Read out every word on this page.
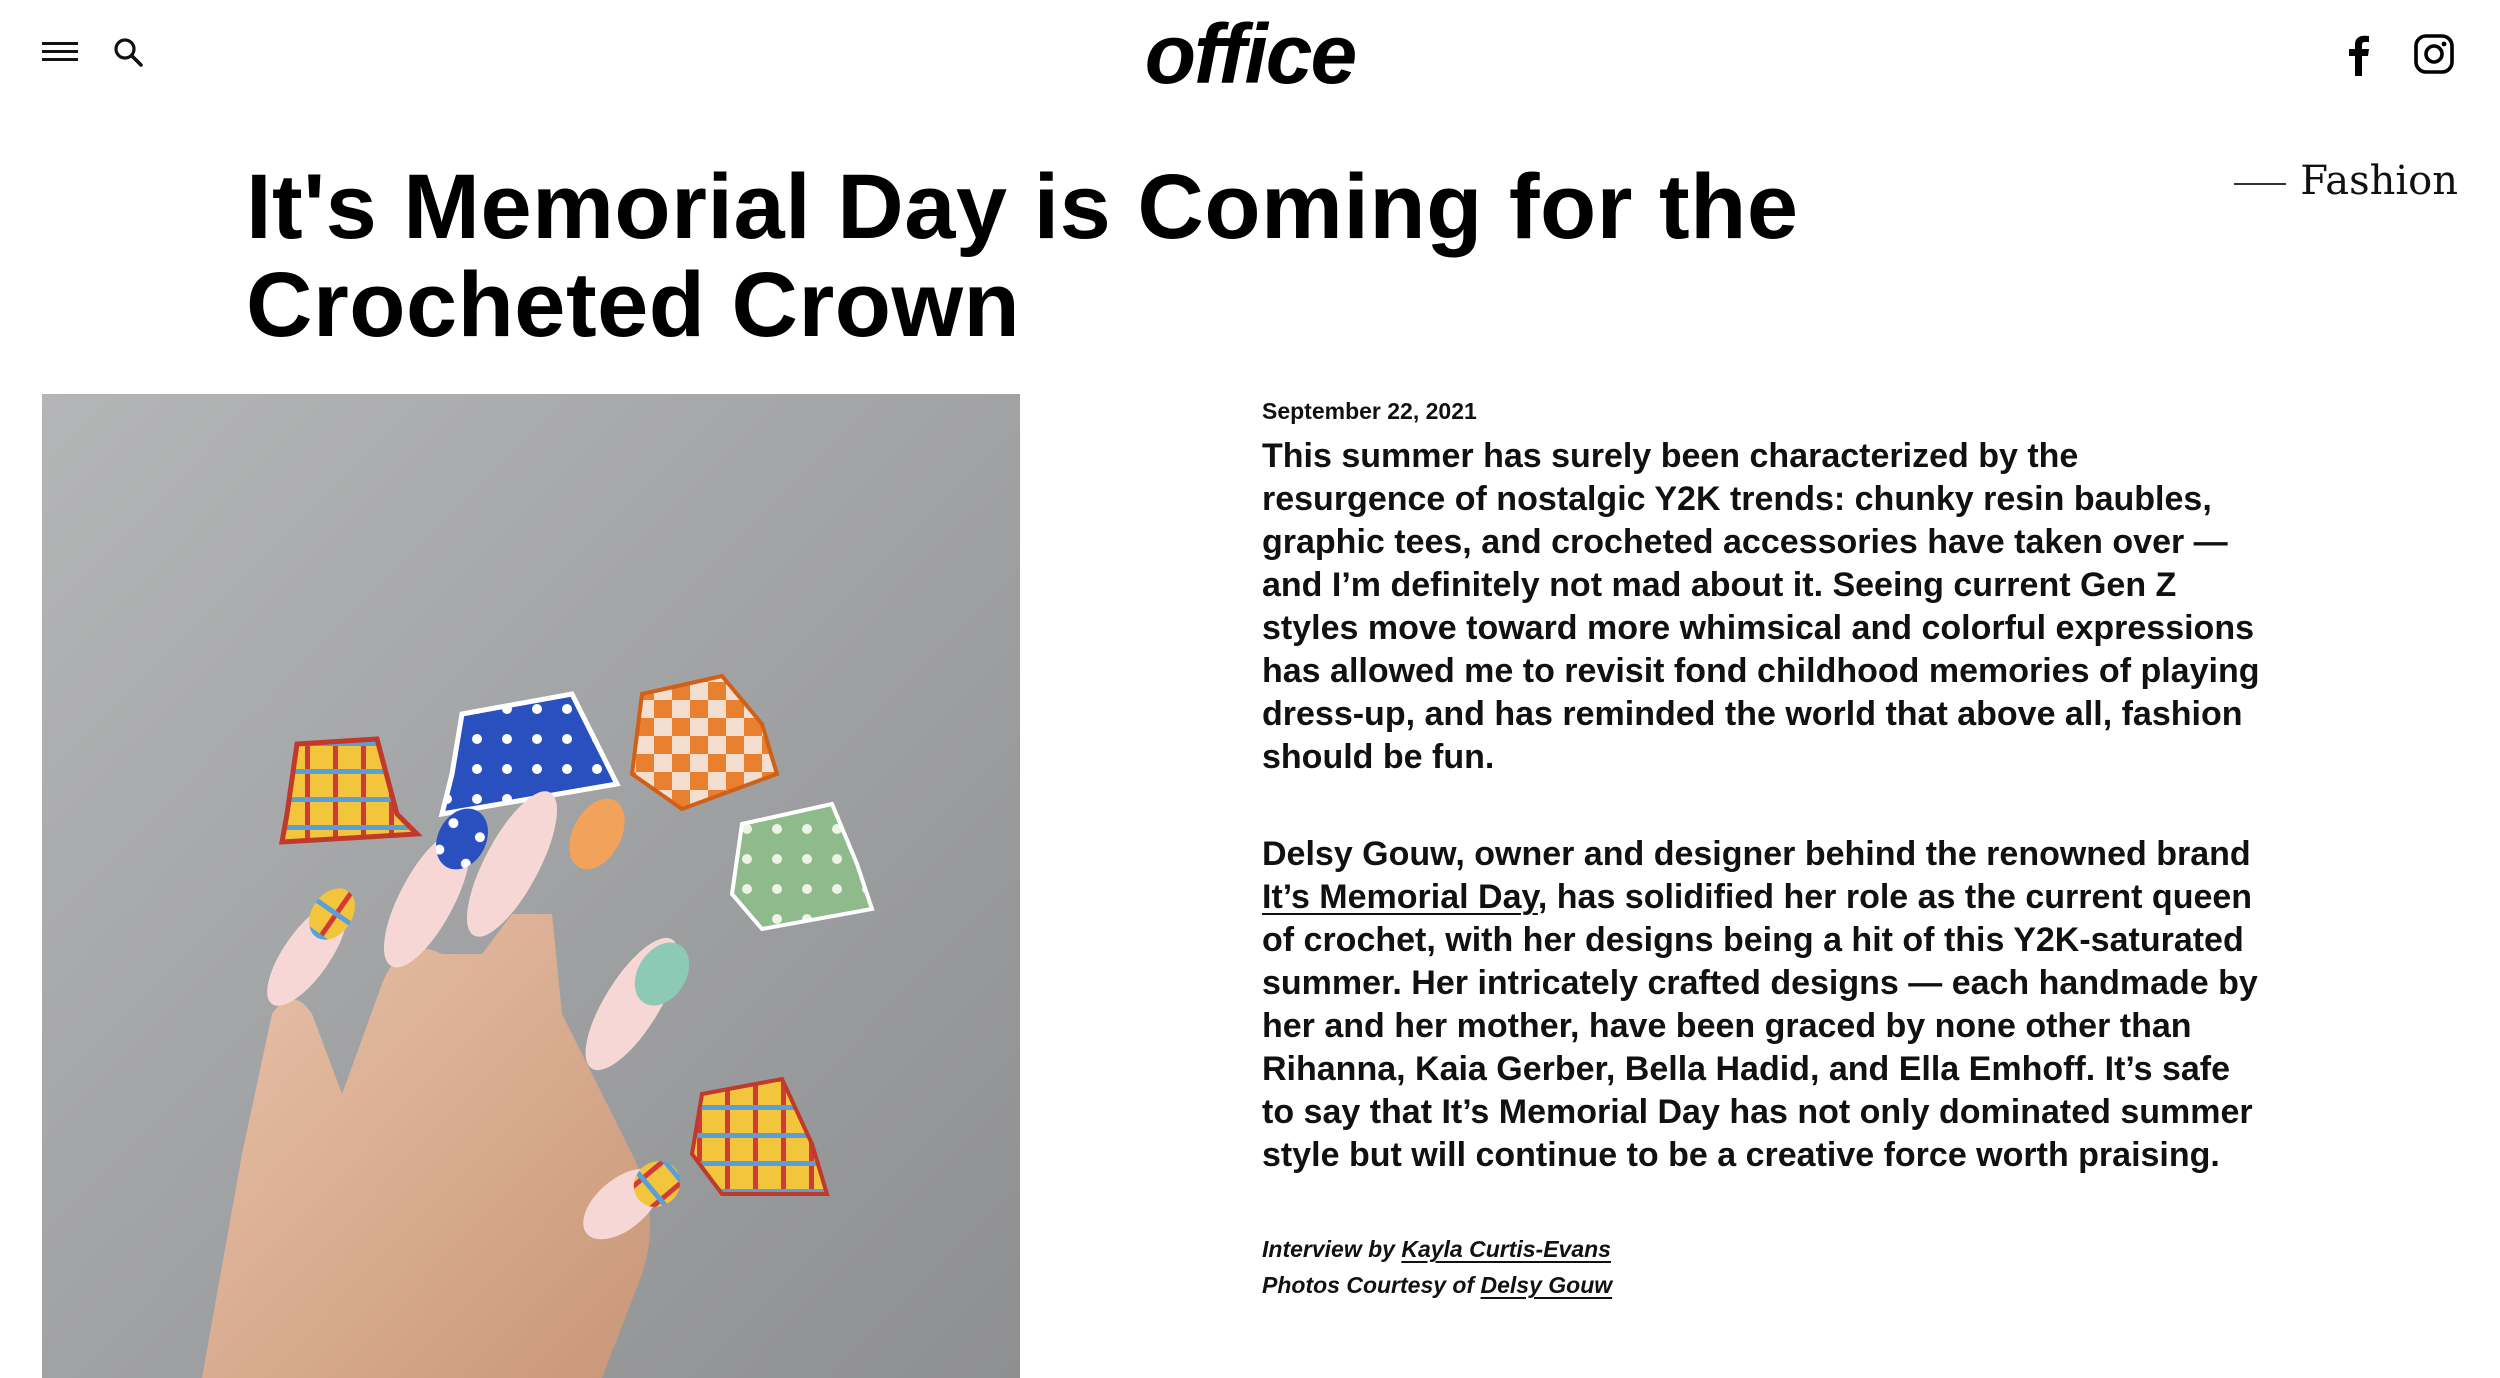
office
Fashion
It's Memorial Day is Coming for the Crocheted Crown

September 22, 2021

This summer has surely been characterized by the resurgence of nostalgic Y2K trends: chunky resin baubles, graphic tees, and crocheted accessories have taken over — and I’m definitely not mad about it. Seeing current Gen Z styles move toward more whimsical and colorful expressions has allowed me to revisit fond childhood memories of playing dress-up, and has reminded the world that above all, fashion should be fun.

Delsy Gouw, owner and designer behind the renowned brand It’s Memorial Day, has solidified her role as the current queen of crochet, with her designs being a hit of this Y2K-saturated summer. Her intricately crafted designs — each handmade by her and her mother, have been graced by none other than Rihanna, Kaia Gerber, Bella Hadid, and Ella Emhoff. It’s safe to say that It’s Memorial Day has not only dominated summer style but will continue to be a creative force worth praising.

Interview by Kayla Curtis-Evans

Photos Courtesy of Delsy Gouw
